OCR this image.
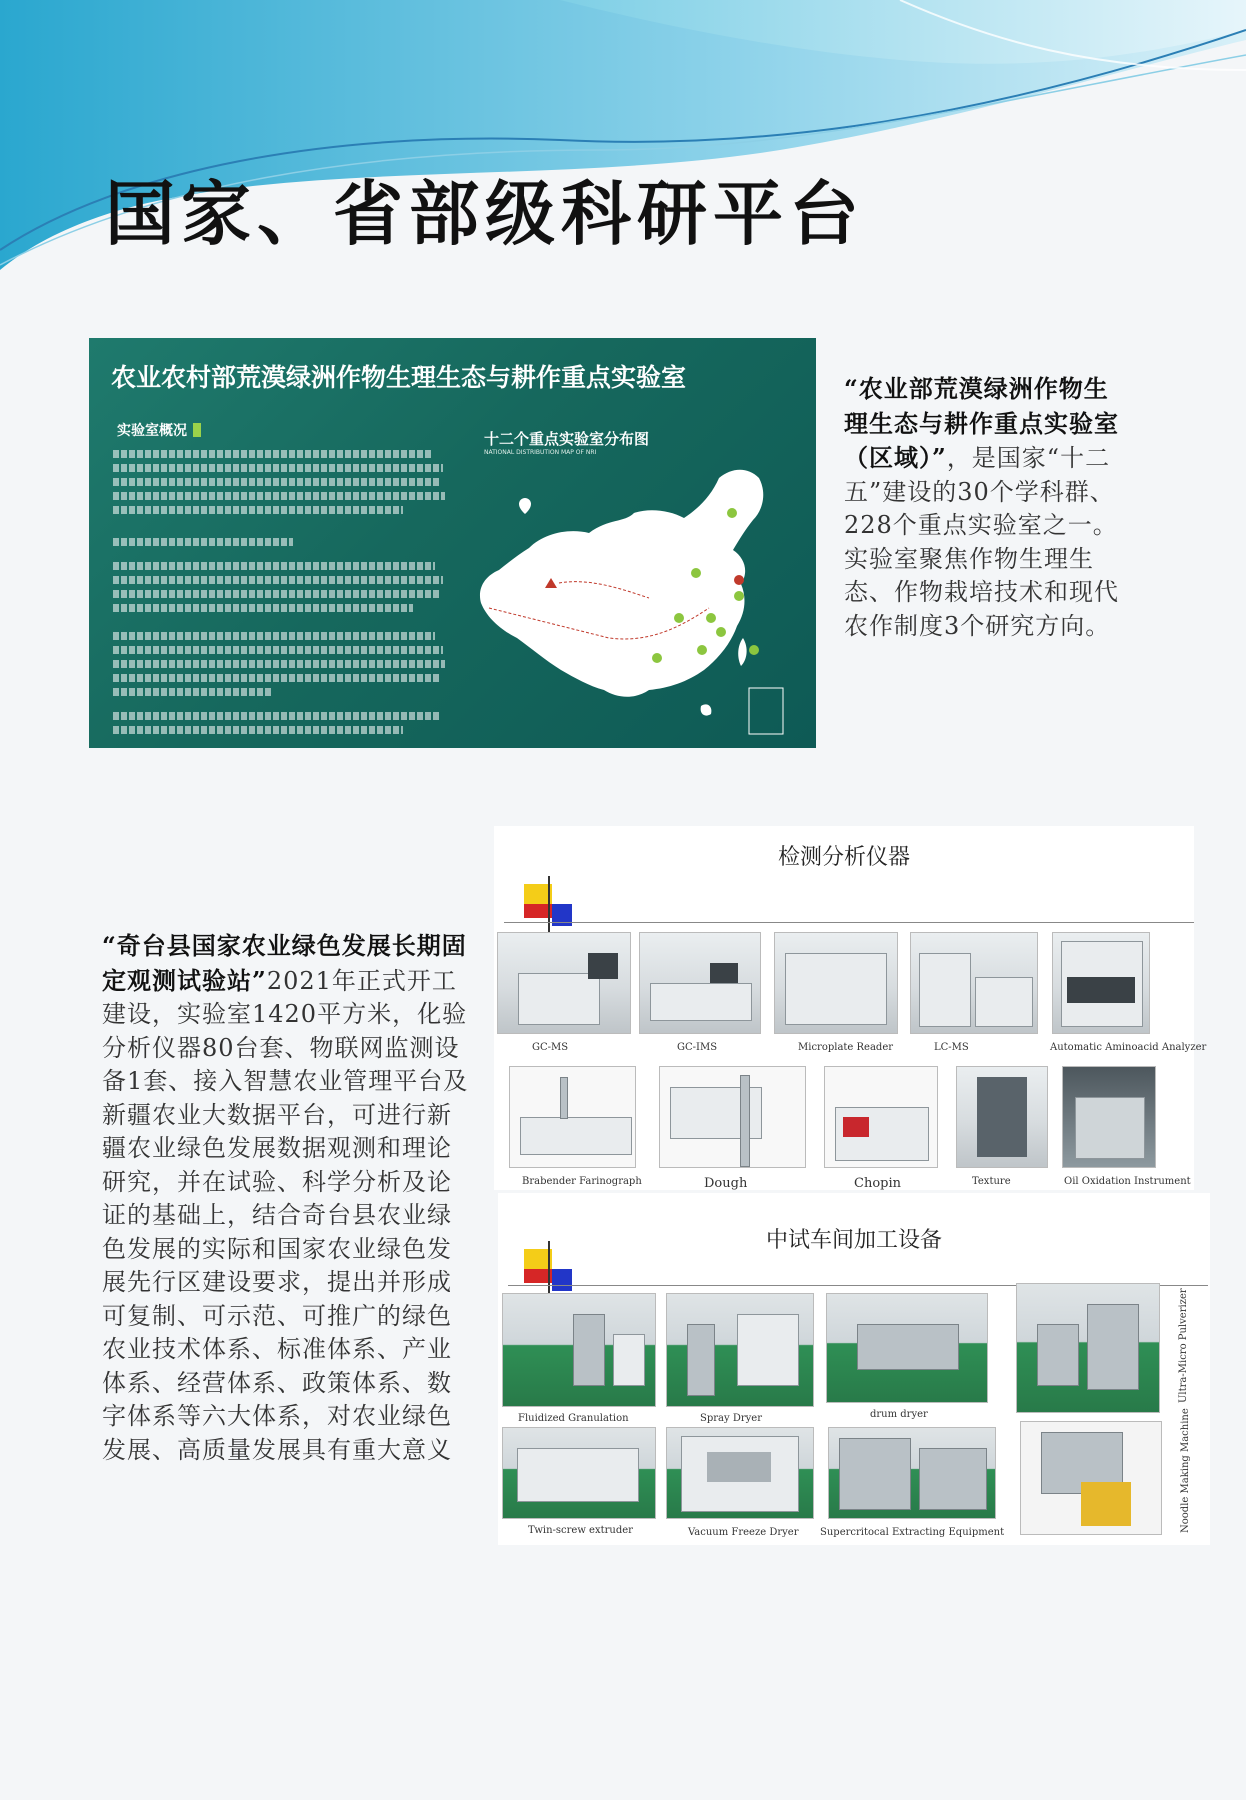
国家、省部级科研平台
农业农村部荒漠绿洲作物生理生态与耕作重点实验室
实验室概况	十二个重点实验室分布图
NATIONAL DISTRIBUTION MAP OF NRI
“农业部荒漠绿洲作物生理生态与耕作重点实验室（区域）”，是国家“十二五”建设的30个学科群、228个重点实验室之一。实验室聚焦作物生理生态、作物栽培技术和现代农作制度3个研究方向。
“奇台县国家农业绿色发展长期固定观测试验站”2021年正式开工建设，实验室1420平方米，化验分析仪器80台套、物联网监测设备1套、接入智慧农业管理平台及新疆农业大数据平台，可进行新疆农业绿色发展数据观测和理论研究，并在试验、科学分析及论证的基础上，结合奇台县农业绿色发展的实际和国家农业绿色发展先行区建设要求，提出并形成可复制、可示范、可推广的绿色农业技术体系、标准体系、产业体系、经营体系、政策体系、数字体系等六大体系，对农业绿色发展、高质量发展具有重大意义
检测分析仪器
GC-MS	GC-IMS	Microplate Reader	LC-MS	Automatic Aminoacid Analyzer
Brabender Farinograph	Dough	Chopin	Texture	Oil Oxidation Instrument
中试车间加工设备
Fluidized Granulation	Spray Dryer	drum dryer
Ultra-Micro Pulverizer
Twin-screw extruder	Vacuum Freeze Dryer Supercritocal Extracting Equipment	Noodle Making Machine
